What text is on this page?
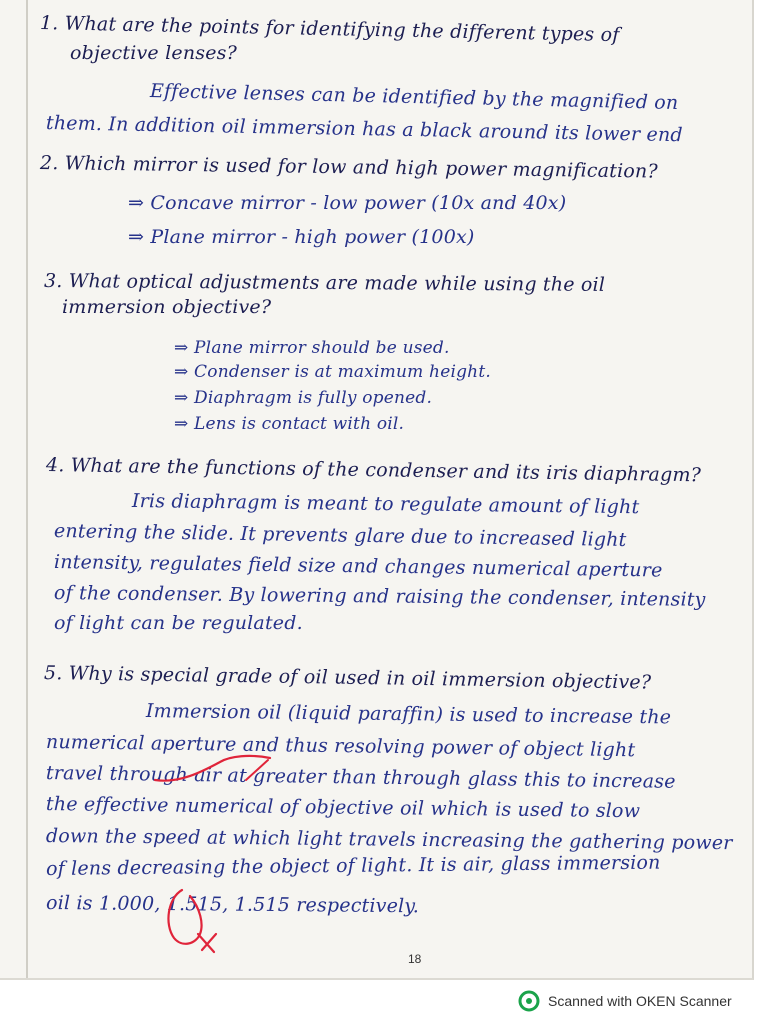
1. What are the points for identifying the different types of
objective lenses?
Effective lenses can be identified by the magnified on
them. In addition oil immersion has a black around its lower end
2. Which mirror is used for low and high power magnification?
⇒ Concave mirror - low power (10x and 40x)
⇒ Plane mirror - high power (100x)
3. What optical adjustments are made while using the oil
immersion objective?
⇒ Plane mirror should be used.
⇒ Condenser is at maximum height.
⇒ Diaphragm is fully opened.
⇒ Lens is contact with oil.
4. What are the functions of the condenser and its iris diaphragm?
Iris diaphragm is meant to regulate amount of light
entering the slide. It prevents glare due to increased light
intensity, regulates field size and changes numerical aperture
of the condenser. By lowering and raising the condenser, intensity
of light can be regulated.
5. Why is special grade of oil used in oil immersion objective?
Immersion oil (liquid paraffin) is used to increase the
numerical aperture and thus resolving power of object light
travel through air at greater than through glass this to increase
the effective numerical of objective oil which is used to slow
down the speed at which light travels increasing the gathering power
of lens decreasing the object of light. It is air, glass immersion
oil is 1.000, 1.515, 1.515 respectively.
18
Scanned with OKEN Scanner
